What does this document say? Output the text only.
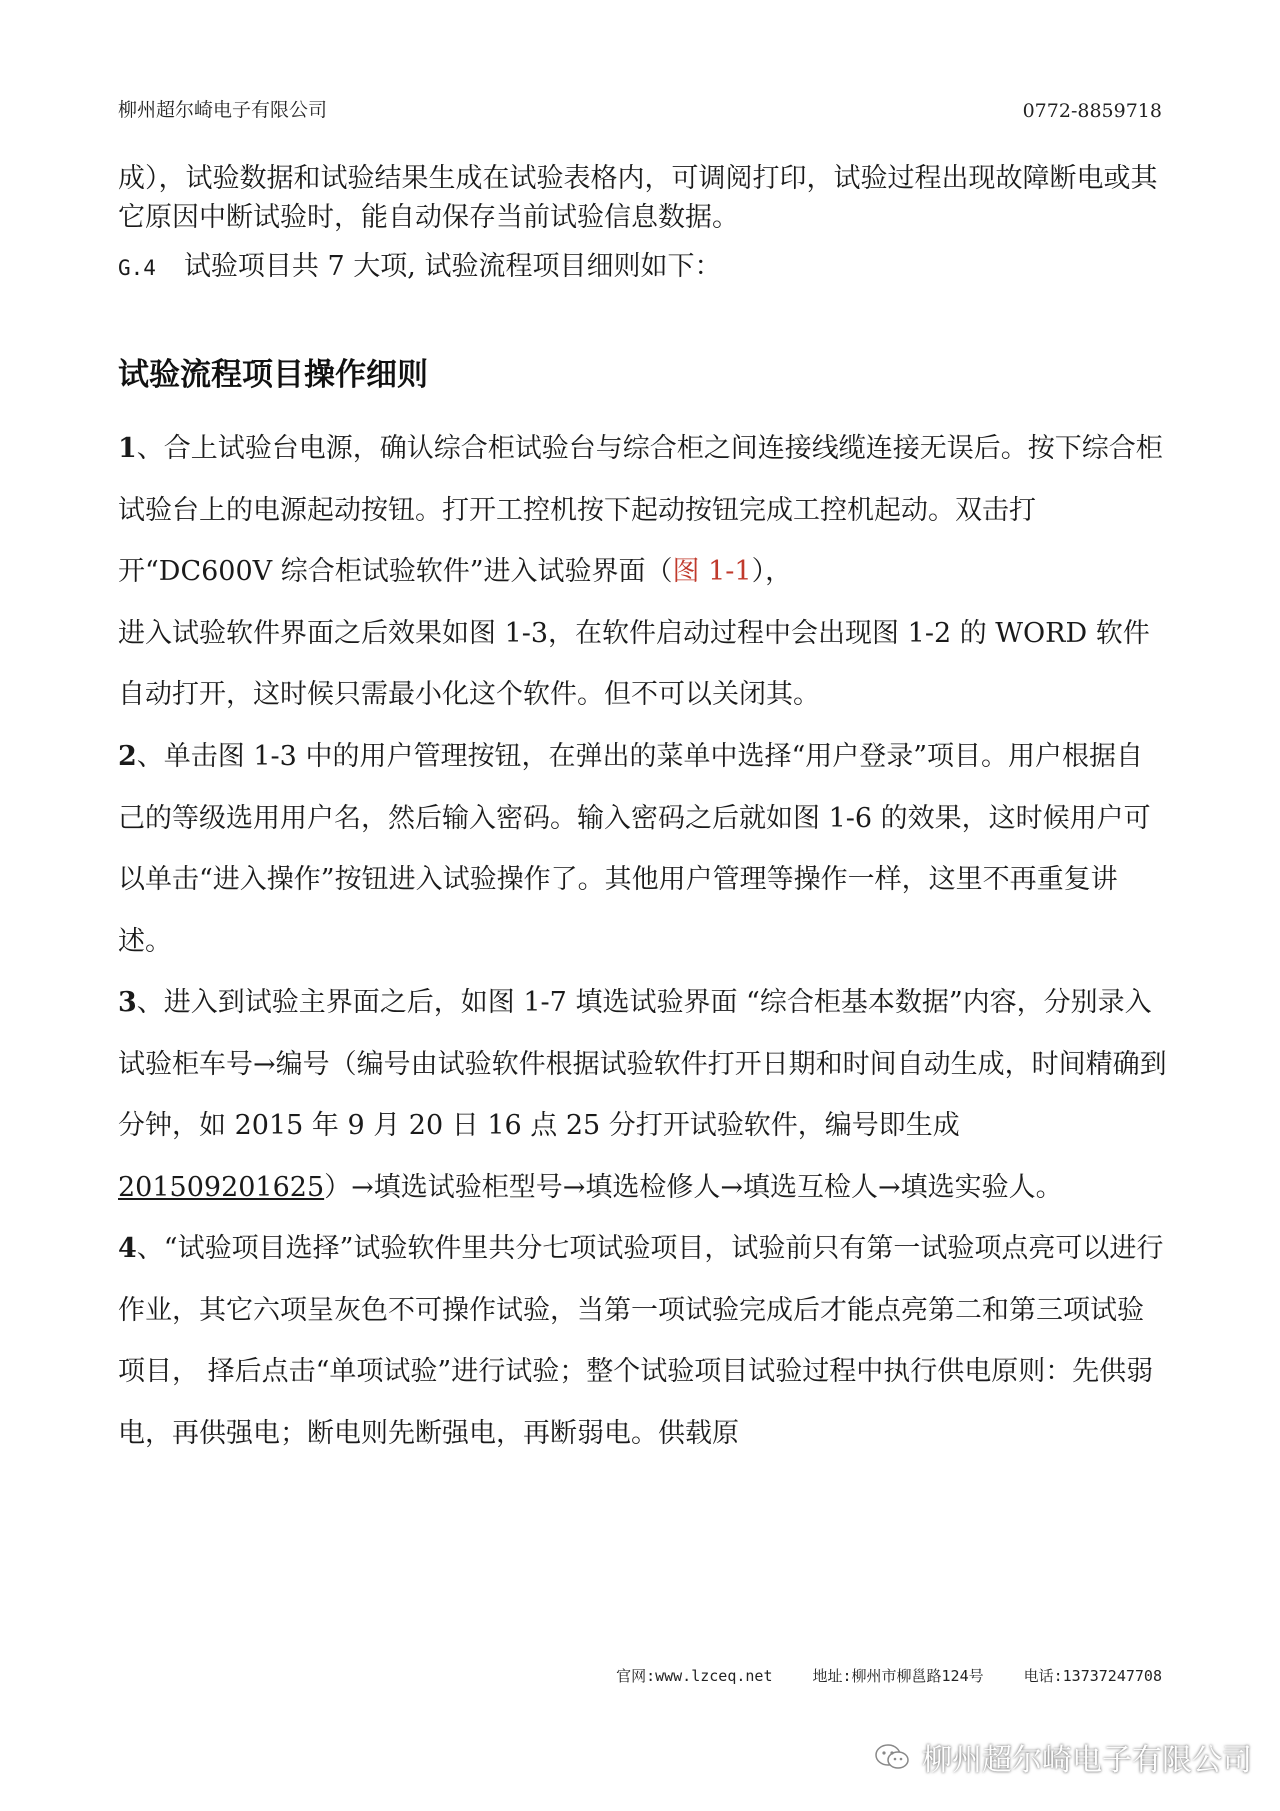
柳州超尔崎电子有限公司	0772-8859718

成），试验数据和试验结果生成在试验表格内，可调阅打印，试验过程出现故障断电或其它原因中断试验时，能自动保存当前试验信息数据。

G.4 试验项目共 7 大项, 试验流程项目细则如下：

试验流程项目操作细则

1、合上试验台电源，确认综合柜试验台与综合柜之间连接线缆连接无误后。按下综合柜试验台上的电源起动按钮。打开工控机按下起动按钮完成工控机起动。双击打开“DC600V 综合柜试验软件”进入试验界面（图 1-1），

进入试验软件界面之后效果如图 1-3，在软件启动过程中会出现图 1-2 的 WORD 软件自动打开，这时候只需最小化这个软件。但不可以关闭其。

2、单击图 1-3 中的用户管理按钮，在弹出的菜单中选择“用户登录”项目。用户根据自己的等级选用用户名，然后输入密码。输入密码之后就如图 1-6 的效果，这时候用户可以单击“进入操作”按钮进入试验操作了。其他用户管理等操作一样，这里不再重复讲述。

3、进入到试验主界面之后，如图 1-7 填选试验界面 “综合柜基本数据”内容，分别录入试验柜车号→编号（编号由试验软件根据试验软件打开日期和时间自动生成，时间精确到分钟，如 2015 年 9 月 20 日 16 点 25 分打开试验软件，编号即生成 201509201625）→填选试验柜型号→填选检修人→填选互检人→填选实验人。

4、“试验项目选择”试验软件里共分七项试验项目，试验前只有第一试验项点亮可以进行作业，其它六项呈灰色不可操作试验，当第一项试验完成后才能点亮第二和第三项试验项目， 择后点击“单项试验”进行试验；整个试验项目试验过程中执行供电原则：先供弱电，再供强电；断电则先断强电，再断弱电。供载原

官网:www.lzceq.net	地址:柳州市柳邕路124号	电话:13737247708
柳州超尔崎电子有限公司
